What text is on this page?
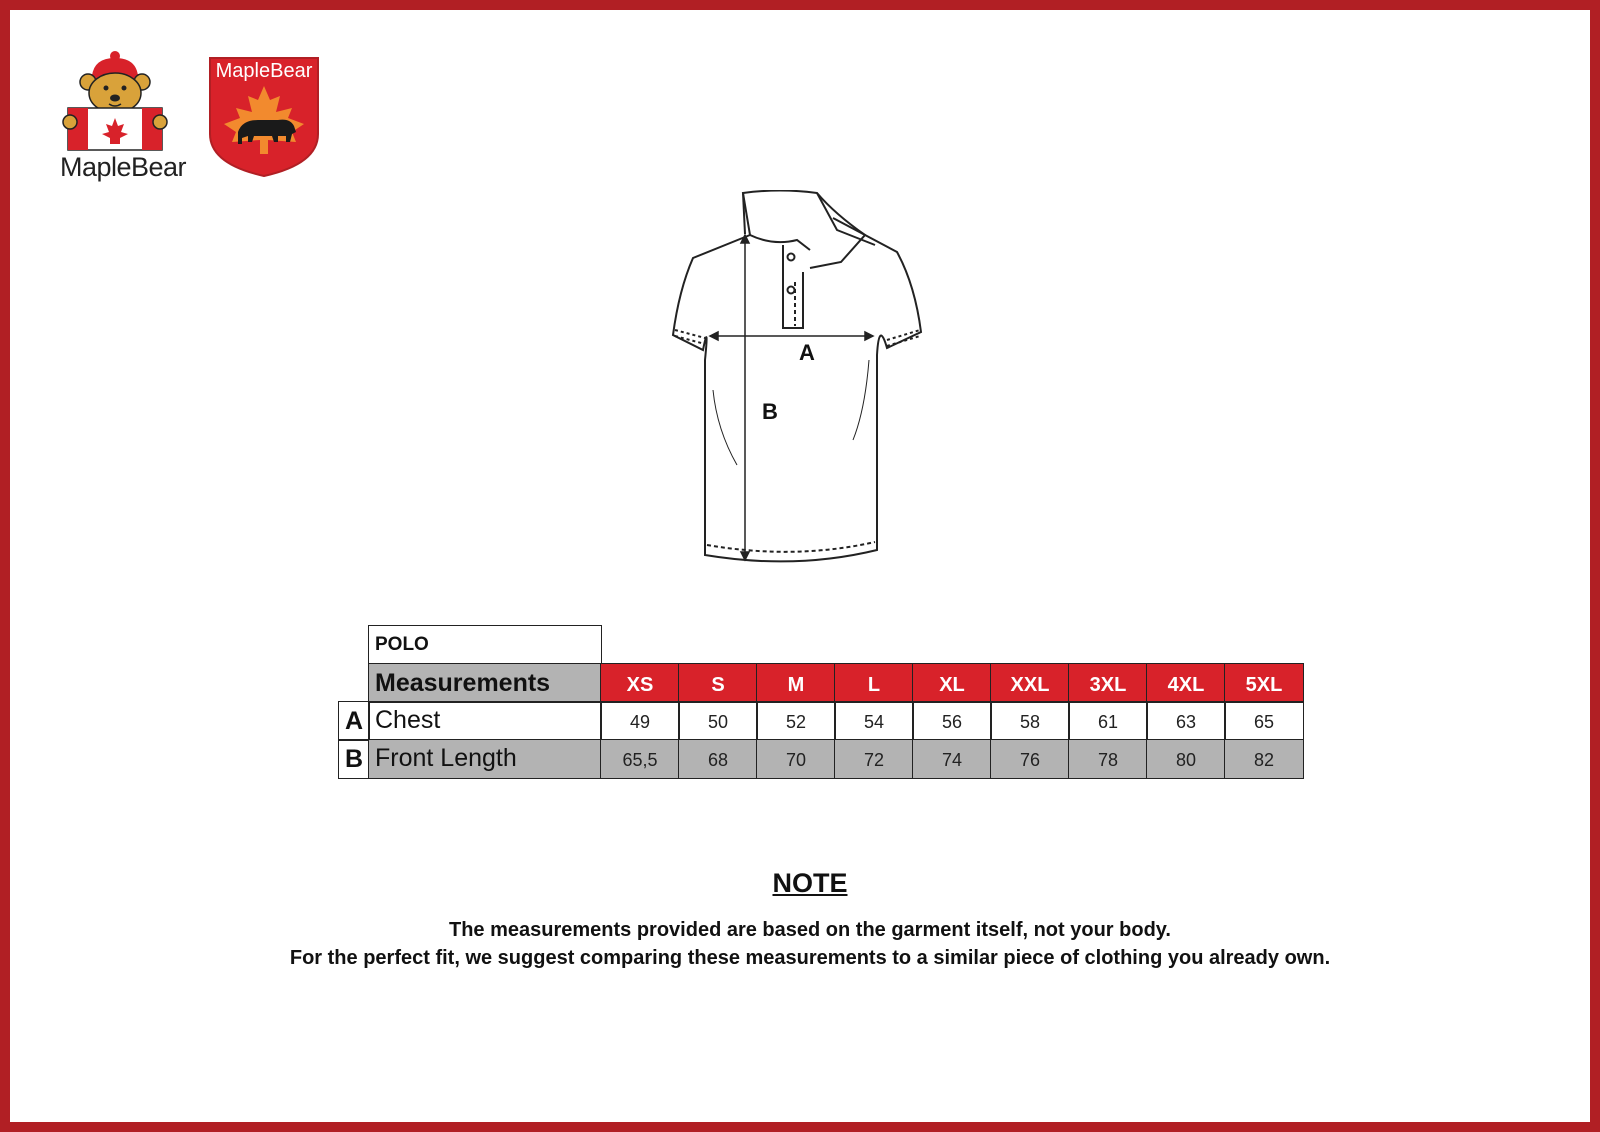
MapleBear
MapleBear
A
B
POLO
Measurements	XS	S	M	L	XL	XXL	3XL	4XL	5XL
A Chest	49	50	52	54	56	58	61	63	65
B Front Length	65,5	68	70	72	74	76	78	80	82
NOTE
The measurements provided are based on the garment itself, not your body.
For the perfect fit, we suggest comparing these measurements to a similar piece of clothing you already own.
